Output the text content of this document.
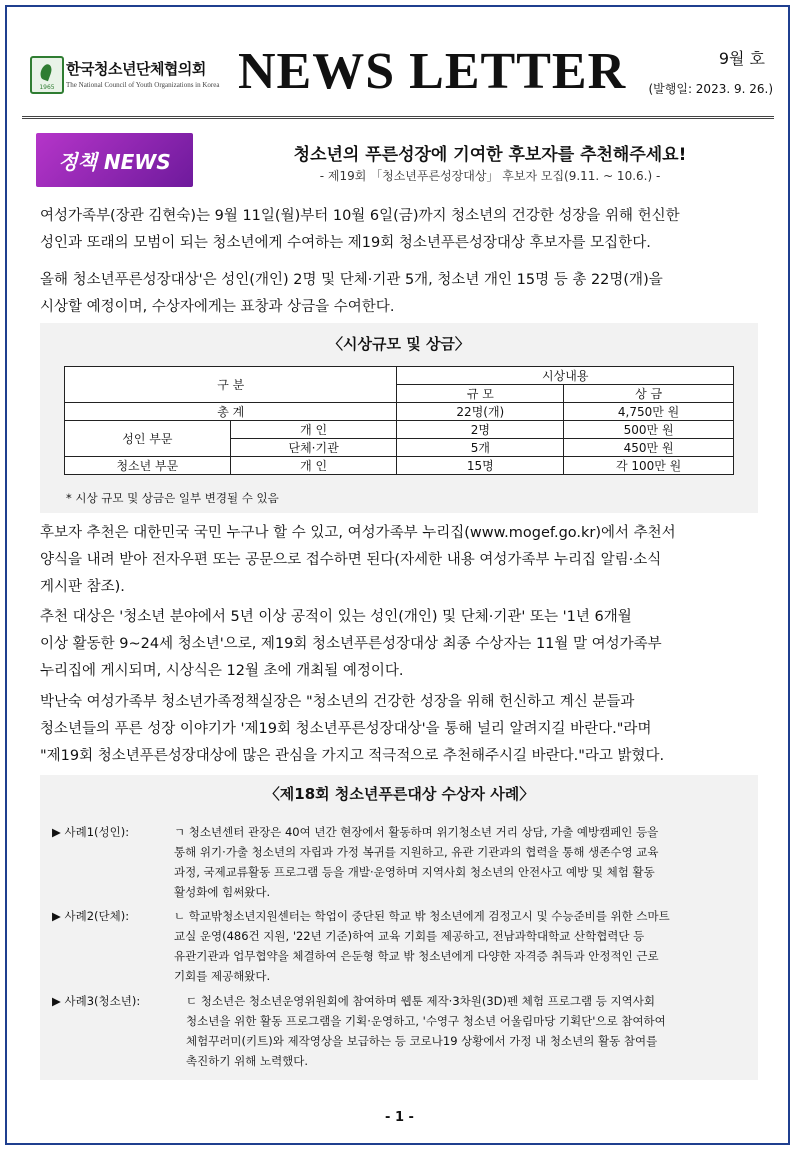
1965
한국청소년단체협의회
The National Council of Youth Organizations in Korea NEWS LETTER	9월 호
(발행일: 2023. 9. 26.)
정책 NEWS	청소년의 푸른성장에 기여한 후보자를 추천해주세요!
- 제19회 「청소년푸른성장대상」 후보자 모집(9.11. ~ 10.6.) -
여성가족부(장관 김현숙)는 9월 11일(월)부터 10월 6일(금)까지 청소년의 건강한 성장을 위해 헌신한
성인과 또래의 모범이 되는 청소년에게 수여하는 제19회 청소년푸른성장대상 후보자를 모집한다.
올해 청소년푸른성장대상'은 성인(개인) 2명 및 단체·기관 5개, 청소년 개인 15명 등 총 22명(개)을
시상할 예정이며, 수상자에게는 표창과 상금을 수여한다.
〈시상규모 및 상금〉
구 분		시상내용	
		규 모	상 금
총 계		22명(개)	4,750만 원
성인 부문	개 인	2명	500만 원
	단체·기관	5개	450만 원
청소년 부문	개 인	15명	각 100만 원
* 시상 규모 및 상금은 일부 변경될 수 있음
후보자 추천은 대한민국 국민 누구나 할 수 있고, 여성가족부 누리집(www.mogef.go.kr)에서 추천서
양식을 내려 받아 전자우편 또는 공문으로 접수하면 된다(자세한 내용 여성가족부 누리집 알림·소식
게시판 참조).
추천 대상은 '청소년 분야에서 5년 이상 공적이 있는 성인(개인) 및 단체·기관' 또는 '1년 6개월
이상 활동한 9~24세 청소년'으로, 제19회 청소년푸른성장대상 최종 수상자는 11월 말 여성가족부
누리집에 게시되며, 시상식은 12월 초에 개최될 예정이다.
박난숙 여성가족부 청소년가족정책실장은 "청소년의 건강한 성장을 위해 헌신하고 계신 분들과
청소년들의 푸른 성장 이야기가 '제19회 청소년푸른성장대상'을 통해 널리 알려지길 바란다."라며
"제19회 청소년푸른성장대상에 많은 관심을 가지고 적극적으로 추천해주시길 바란다."라고 밝혔다.
〈제18회 청소년푸른대상 수상자 사례〉
▶ 사례1(성인):	ㄱ 청소년센터 관장은 40여 년간 현장에서 활동하며 위기청소년 거리 상담, 가출 예방캠페인 등을
통해 위기·가출 청소년의 자립과 가정 복귀를 지원하고, 유관 기관과의 협력을 통해 생존수영 교육
과정, 국제교류활동 프로그램 등을 개발·운영하며 지역사회 청소년의 안전사고 예방 및 체험 활동
활성화에 힘써왔다.
▶ 사례2(단체):	ㄴ 학교밖청소년지원센터는 학업이 중단된 학교 밖 청소년에게 검정고시 및 수능준비를 위한 스마트
교실 운영(486건 지원, '22년 기준)하여 교육 기회를 제공하고, 전남과학대학교 산학협력단 등
유관기관과 업무협약을 체결하여 은둔형 학교 밖 청소년에게 다양한 자격증 취득과 안정적인 근로
기회를 제공해왔다.
▶ 사례3(청소년):	ㄷ 청소년은 청소년운영위원회에 참여하며 웹툰 제작·3차원(3D)펜 체험 프로그램 등 지역사회
청소년을 위한 활동 프로그램을 기획·운영하고, '수영구 청소년 어울림마당 기획단'으로 참여하여
체험꾸러미(키트)와 제작영상을 보급하는 등 코로나19 상황에서 가정 내 청소년의 활동 참여를
촉진하기 위해 노력했다.
- 1 -
